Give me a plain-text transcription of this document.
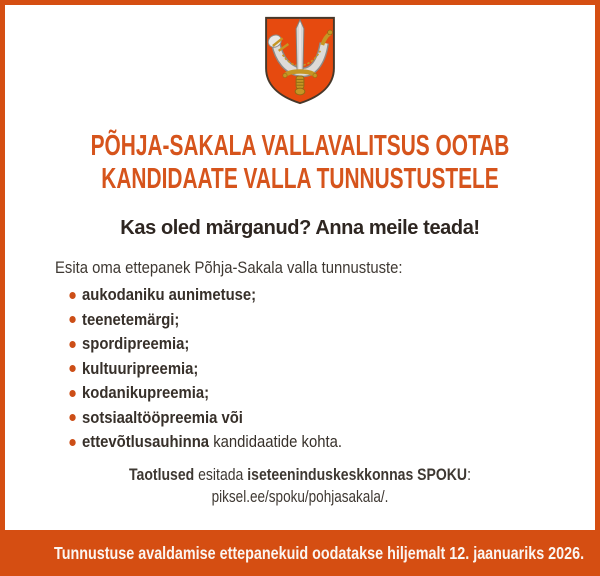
PÕHJA-SAKALA VALLAVALITSUS OOTAB
KANDIDAATE VALLA TUNNUSTUSTELE
Kas oled märganud? Anna meile teada!
Esita oma ettepanek Põhja-Sakala valla tunnustuste:
aukodaniku aunimetuse;
teenetemärgi;
spordipreemia;
kultuuripreemia;
kodanikupreemia;
sotsiaaltööpreemia või
ettevõtlusauhinna kandidaatide kohta.
Taotlused esitada iseteeninduskeskkonnas SPOKU:
piksel.ee/spoku/pohjasakala/.
Tunnustuse avaldamise ettepanekuid oodatakse hiljemalt 12. jaanuariks 2026.
